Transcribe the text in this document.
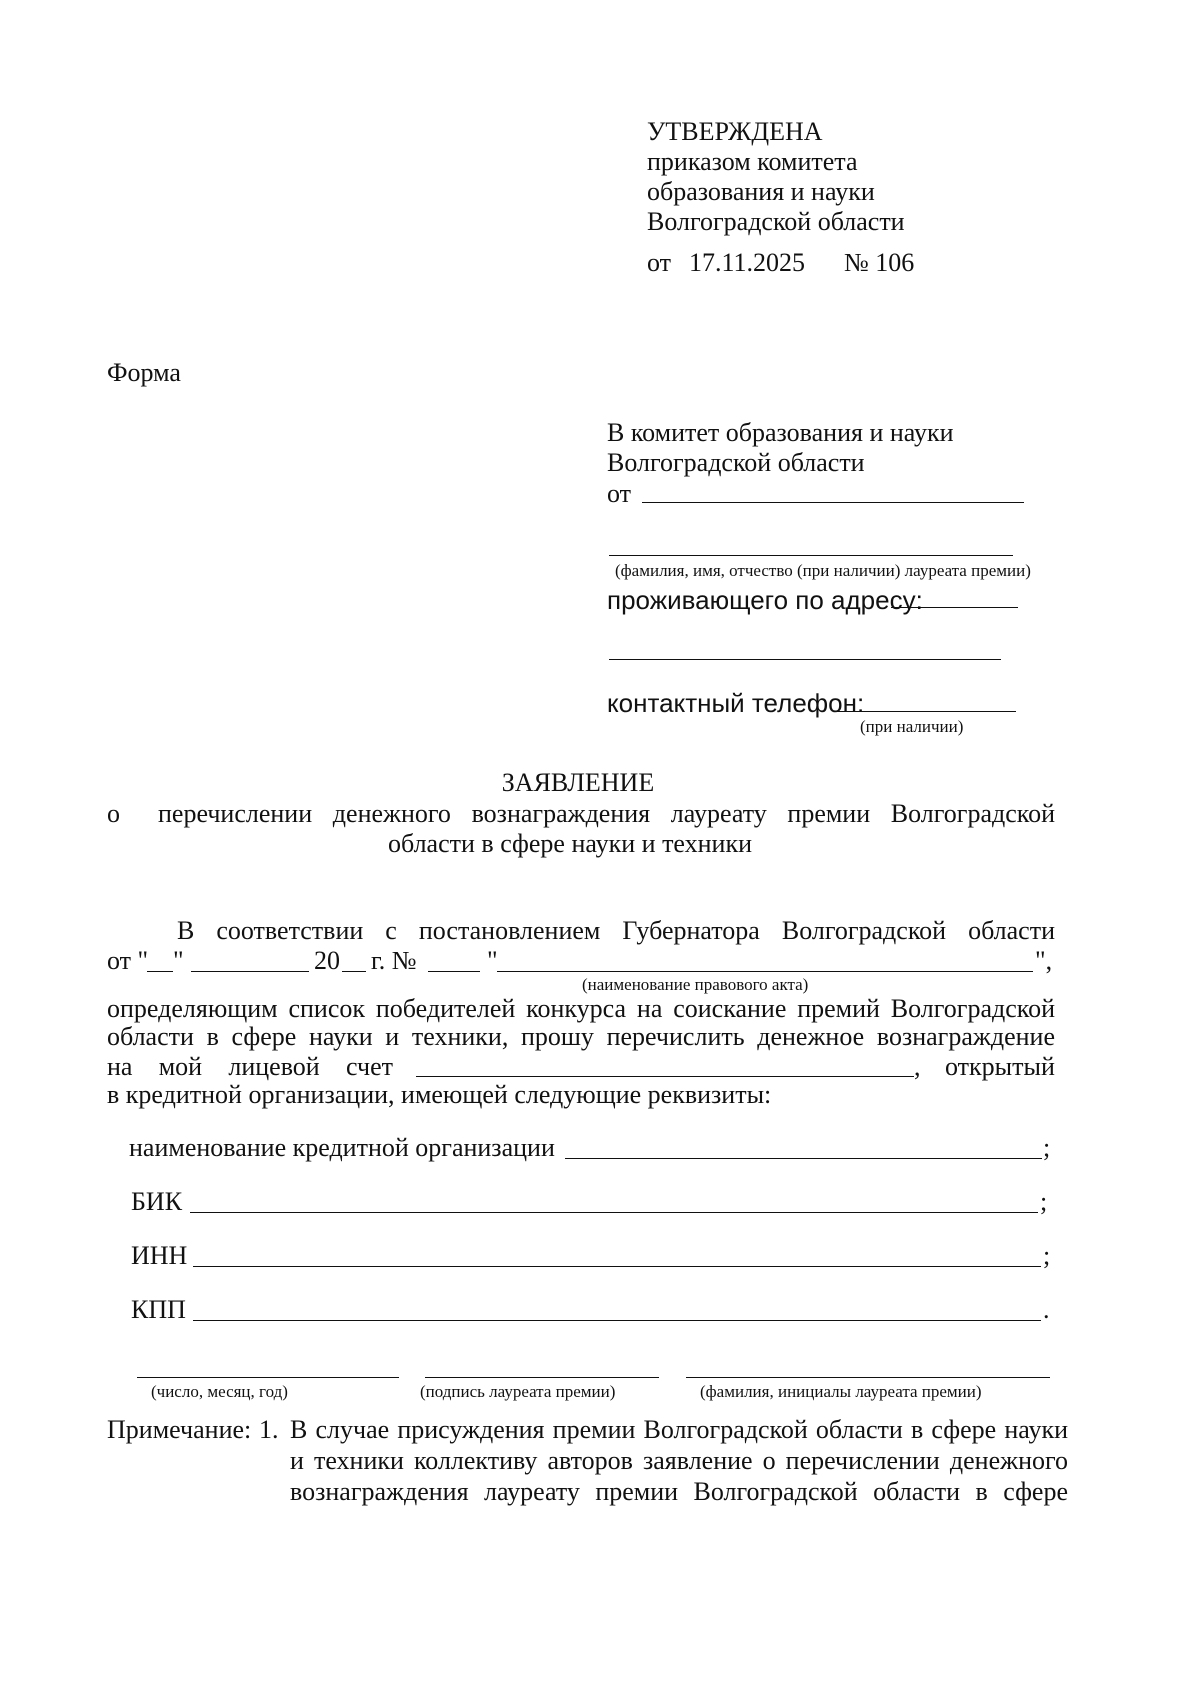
УТВЕРЖДЕНА
приказом комитета
образования и науки
Волгоградской области
от 17.11.2025 № 106
Форма
В комитет образования и науки
Волгоградской области
от
(фамилия, имя, отчество (при наличии) лауреата премии)
проживающего по адресу:
контактный телефон:
(при наличии)
ЗАЯВЛЕНИЕ
о перечислении денежного вознаграждения лауреату премии Волгоградской
области в сфере науки и техники
В соответствии с постановлением Губернатора Волгоградской области
от " "	20 г. №	"	",
(наименование правового акта)
определяющим список победителей конкурса на соискание премий Волгоградской
области в сфере науки и техники, прошу перечислить денежное вознаграждение
на мой лицевой счет	, открытый
в кредитной организации, имеющей следующие реквизиты:
наименование кредитной организации	;
БИК	;
ИНН	;
КПП	.
(число, месяц, год)	(подпись лауреата премии)	(фамилия, инициалы лауреата премии)
Примечание: 1. В случае присуждения премии Волгоградской области в сфере науки
и техники коллективу авторов заявление о перечислении денежного
вознаграждения лауреату премии Волгоградской области в сфере
